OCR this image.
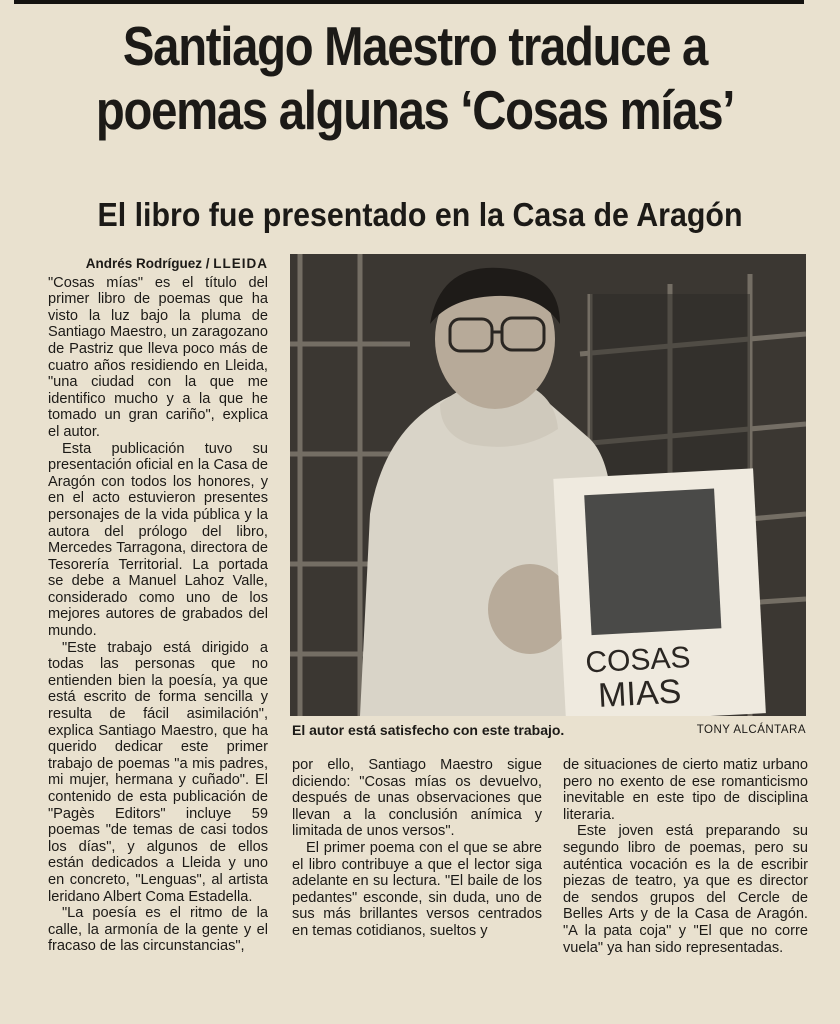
Santiago Maestro traduce a
poemas algunas ‘Cosas mías’
El libro fue presentado en la Casa de Aragón
Andrés Rodríguez / LLEIDA

"Cosas mías" es el título del primer libro de poemas que ha visto la luz bajo la pluma de Santiago Maestro, un zaragozano de Pastriz que lleva poco más de cuatro años residiendo en Lleida, "una ciudad con la que me identifico mucho y a la que he tomado un gran cariño", explica el autor.

Esta publicación tuvo su presentación oficial en la Casa de Aragón con todos los honores, y en el acto estuvieron presentes personajes de la vida pública y la autora del prólogo del libro, Mercedes Tarragona, directora de Tesorería Territorial. La portada se debe a Manuel Lahoz Valle, considerado como uno de los mejores autores de grabados del mundo.

"Este trabajo está dirigido a todas las personas que no entienden bien la poesía, ya que está escrito de forma sencilla y resulta de fácil asimilación", explica Santiago Maestro, que ha querido dedicar este primer trabajo de poemas "a mis padres, mi mujer, hermana y cuñado". El contenido de esta publicación de "Pagès Editors" incluye 59 poemas "de temas de casi todos los días", y algunos de ellos están dedicados a Lleida y uno en concreto, "Lenguas", al artista leridano Albert Coma Estadella.

"La poesía es el ritmo de la calle, la armonía de la gente y el fracaso de las circunstancias",

COSAS
MIAS

El autor está satisfecho con este trabajo.	TONY ALCÁNTARA

por ello, Santiago Maestro sigue diciendo: "Cosas mías os devuelvo, después de unas observaciones que llevan a la conclusión anímica y limitada de unos versos".

El primer poema con el que se abre el libro contribuye a que el lector siga adelante en su lectura. "El baile de los pedantes" esconde, sin duda, uno de sus más brillantes versos centrados en temas cotidianos, sueltos y

de situaciones de cierto matiz urbano pero no exento de ese romanticismo inevitable en este tipo de disciplina literaria.

Este joven está preparando su segundo libro de poemas, pero su auténtica vocación es la de escribir piezas de teatro, ya que es director de sendos grupos del Cercle de Belles Arts y de la Casa de Aragón. "A la pata coja" y "El que no corre vuela" ya han sido representadas.
